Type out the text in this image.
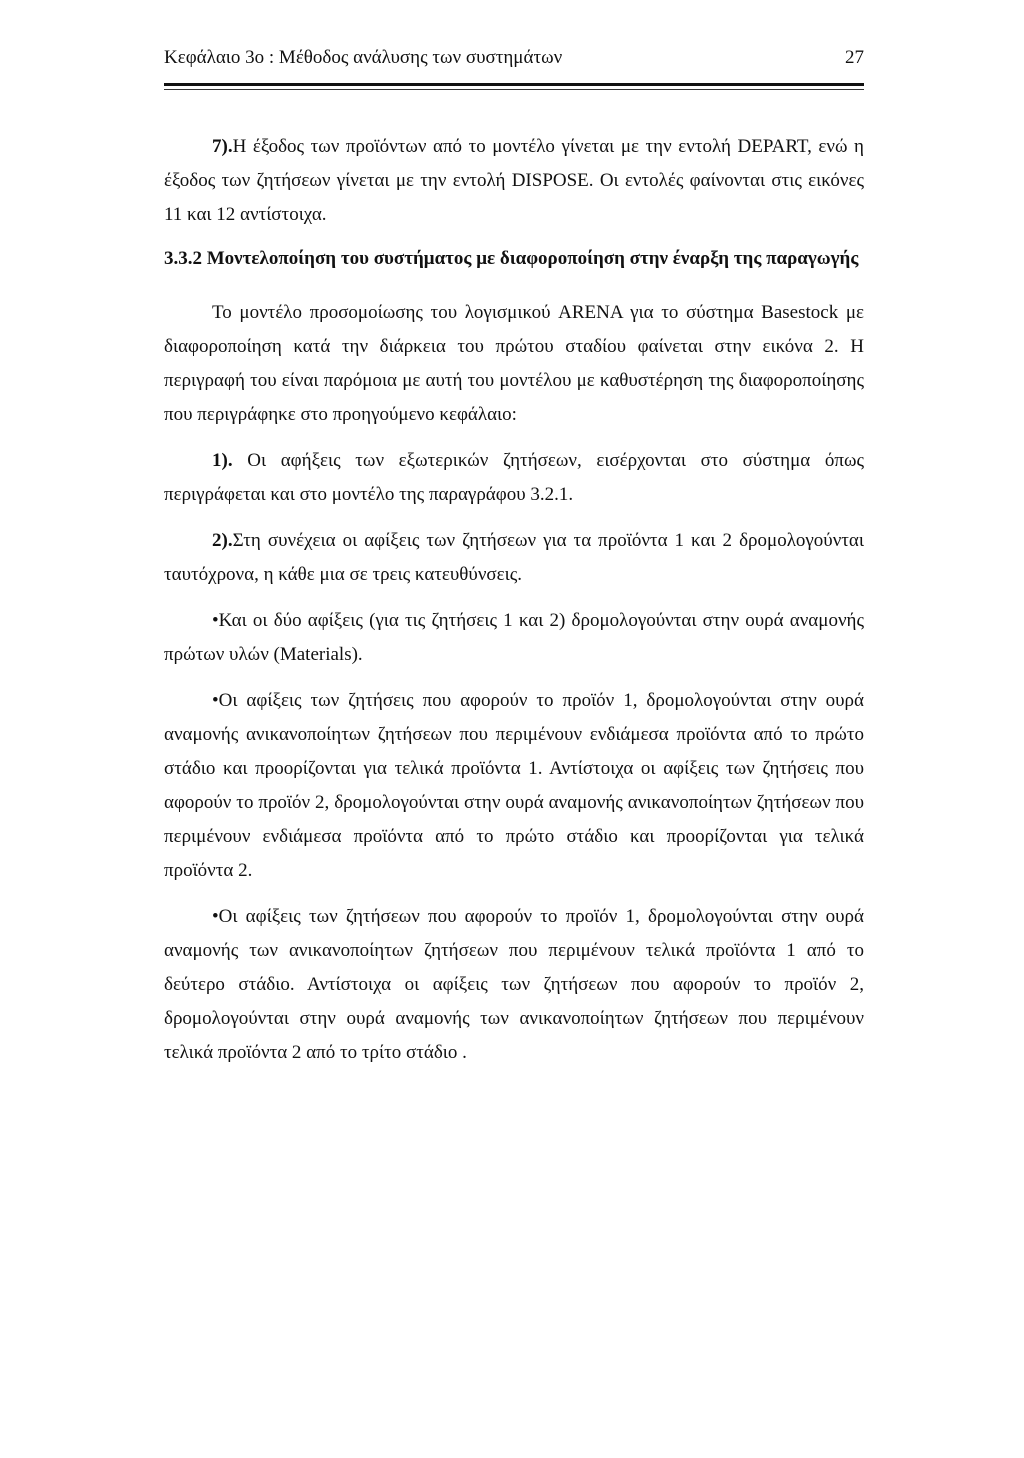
Κεφάλαιο 3ο : Μέθοδος ανάλυσης των συστημάτων	27

7).Η έξοδος των προϊόντων από το μοντέλο γίνεται με την εντολή DEPART, ενώ η έξοδος των ζητήσεων γίνεται με την εντολή DISPOSE. Οι εντολές φαίνονται στις εικόνες 11 και 12 αντίστοιχα.

3.3.2 Μοντελοποίηση του συστήματος με διαφοροποίηση στην έναρξη της παραγωγής

Το μοντέλο προσομοίωσης του λογισμικού ARENA για το σύστημα Basestock με διαφοροποίηση κατά την διάρκεια του πρώτου σταδίου φαίνεται στην εικόνα 2. Η περιγραφή του είναι παρόμοια με αυτή του μοντέλου με καθυστέρηση της διαφοροποίησης που περιγράφηκε στο προηγούμενο κεφάλαιο:

1). Οι αφήξεις των εξωτερικών ζητήσεων, εισέρχονται στο σύστημα όπως περιγράφεται και στο μοντέλο της παραγράφου 3.2.1.

2).Στη συνέχεια οι αφίξεις των ζητήσεων για τα προϊόντα 1 και 2 δρομολογούνται ταυτόχρονα, η κάθε μια σε τρεις κατευθύνσεις.

•Και οι δύο αφίξεις (για τις ζητήσεις 1 και 2) δρομολογούνται στην ουρά αναμονής πρώτων υλών (Materials).

•Οι αφίξεις των ζητήσεις που αφορούν το προϊόν 1, δρομολογούνται στην ουρά αναμονής ανικανοποίητων ζητήσεων που περιμένουν ενδιάμεσα προϊόντα από το πρώτο στάδιο και προορίζονται για τελικά προϊόντα 1. Αντίστοιχα οι αφίξεις των ζητήσεις που αφορούν το προϊόν 2, δρομολογούνται στην ουρά αναμονής ανικανοποίητων ζητήσεων που περιμένουν ενδιάμεσα προϊόντα από το πρώτο στάδιο και προορίζονται για τελικά προϊόντα 2.

•Οι αφίξεις των ζητήσεων που αφορούν το προϊόν 1, δρομολογούνται στην ουρά αναμονής των ανικανοποίητων ζητήσεων που περιμένουν τελικά προϊόντα 1 από το δεύτερο στάδιο. Αντίστοιχα οι αφίξεις των ζητήσεων που αφορούν το προϊόν 2, δρομολογούνται στην ουρά αναμονής των ανικανοποίητων ζητήσεων που περιμένουν τελικά προϊόντα 2 από το τρίτο στάδιο .
